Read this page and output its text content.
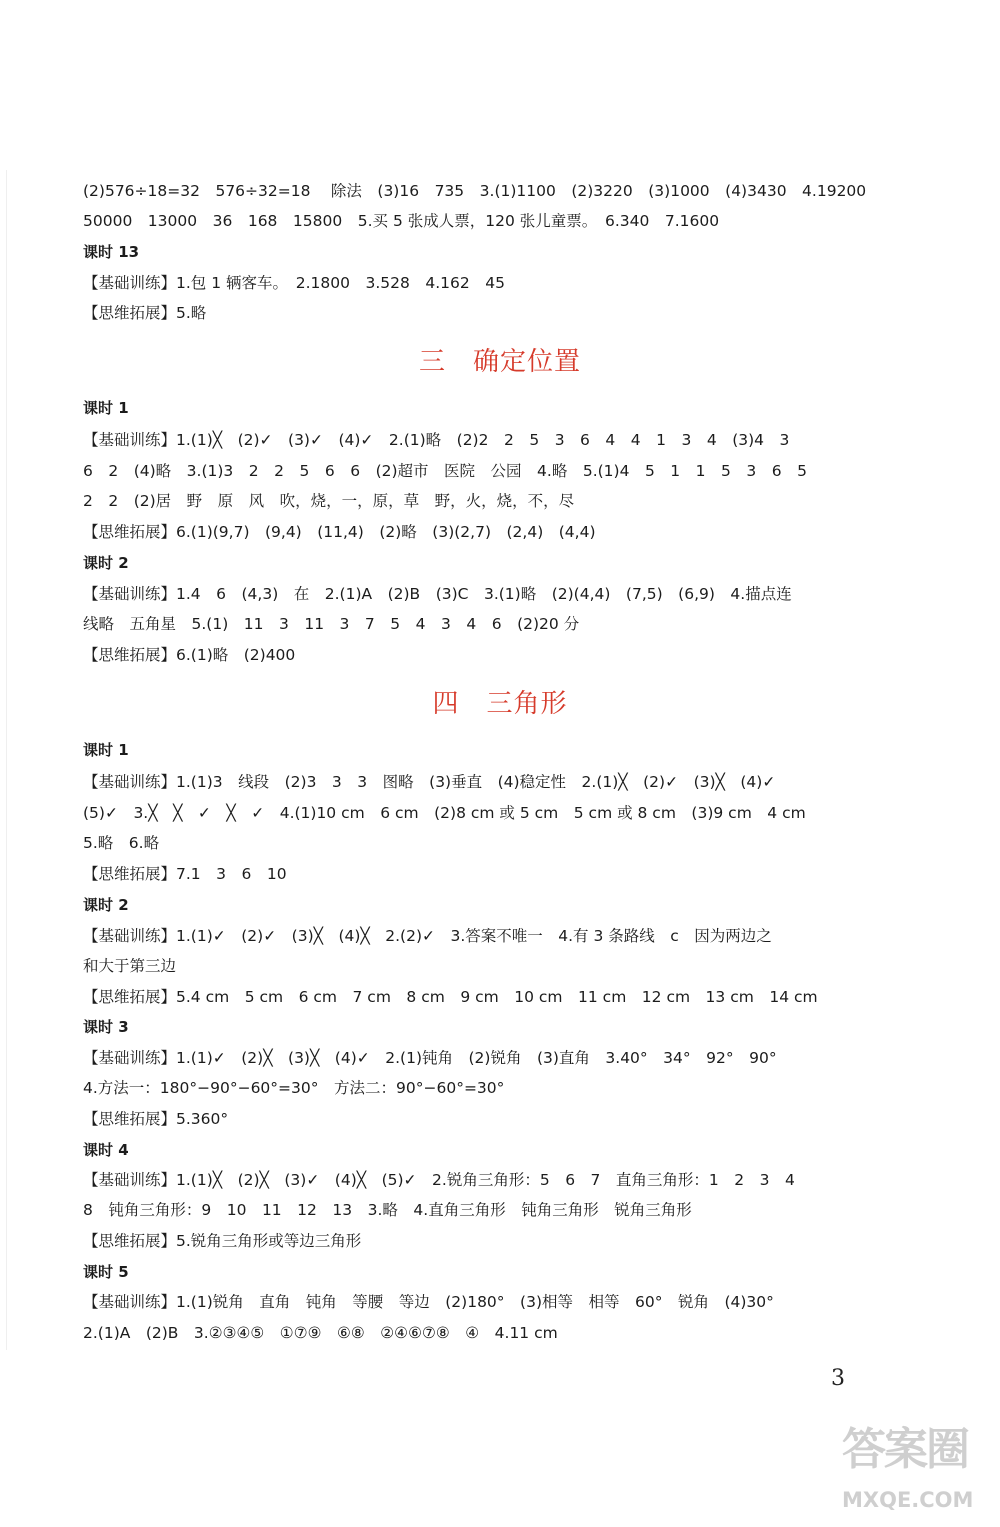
(2)576÷18=32　576÷32=18　 除法　(3)16　735　3.(1)1100　(2)3220　(3)1000　(4)3430　4.19200
50000　13000　36　168　15800　5.买 5 张成人票，120 张儿童票。　6.340　7.1600
课时 13
【基础训练】1.包 1 辆客车。　2.1800　3.528　4.162　45
【思维拓展】5.略
三　确定位置
课时 1
【基础训练】1.(1)╳　(2)✓　(3)✓　(4)✓　2.(1)略　(2)2　2　5　3　6　4　4　1　3　4　(3)4　3
6　2　(4)略　3.(1)3　2　2　5　6　6　(2)超市　医院　公园　4.略　5.(1)4　5　1　1　5　3　6　5
2　2　(2)居　野　原　风　吹，烧，一，原，草　野，火，烧，不，尽
【思维拓展】6.(1)(9,7)　(9,4)　(11,4)　(2)略　(3)(2,7)　(2,4)　(4,4)
课时 2
【基础训练】1.4　6　(4,3)　在　2.(1)A　(2)B　(3)C　3.(1)略　(2)(4,4)　(7,5)　(6,9)　4.描点连
线略　五角星　5.(1)　11　3　11　3　7　5　4　3　4　6　(2)20 分
【思维拓展】6.(1)略　(2)400
四　三角形
课时 1
【基础训练】1.(1)3　线段　(2)3　3　3　图略　(3)垂直　(4)稳定性　2.(1)╳　(2)✓　(3)╳　(4)✓
(5)✓　3.╳　╳　✓　╳　✓　4.(1)10 cm　6 cm　(2)8 cm 或 5 cm　5 cm 或 8 cm　(3)9 cm　4 cm
5.略　6.略
【思维拓展】7.1　3　6　10
课时 2
【基础训练】1.(1)✓　(2)✓　(3)╳　(4)╳　2.(2)✓　3.答案不唯一　4.有 3 条路线　c　因为两边之
和大于第三边
【思维拓展】5.4 cm　5 cm　6 cm　7 cm　8 cm　9 cm　10 cm　11 cm　12 cm　13 cm　14 cm
课时 3
【基础训练】1.(1)✓　(2)╳　(3)╳　(4)✓　2.(1)钝角　(2)锐角　(3)直角　3.40°　34°　92°　90°
4.方法一：180°−90°−60°=30°　方法二：90°−60°=30°
【思维拓展】5.360°
课时 4
【基础训练】1.(1)╳　(2)╳　(3)✓　(4)╳　(5)✓　2.锐角三角形：5　6　7　直角三角形：1　2　3　4
8　钝角三角形：9　10　11　12　13　3.略　4.直角三角形　钝角三角形　锐角三角形
【思维拓展】5.锐角三角形或等边三角形
课时 5
【基础训练】1.(1)锐角　直角　钝角　等腰　等边　(2)180°　(3)相等　相等　60°　锐角　(4)30°
2.(1)A　(2)B　3.②③④⑤　①⑦⑨　⑥⑧　②④⑥⑦⑧　④　4.11 cm
3
答案圈
MXQE.COM
